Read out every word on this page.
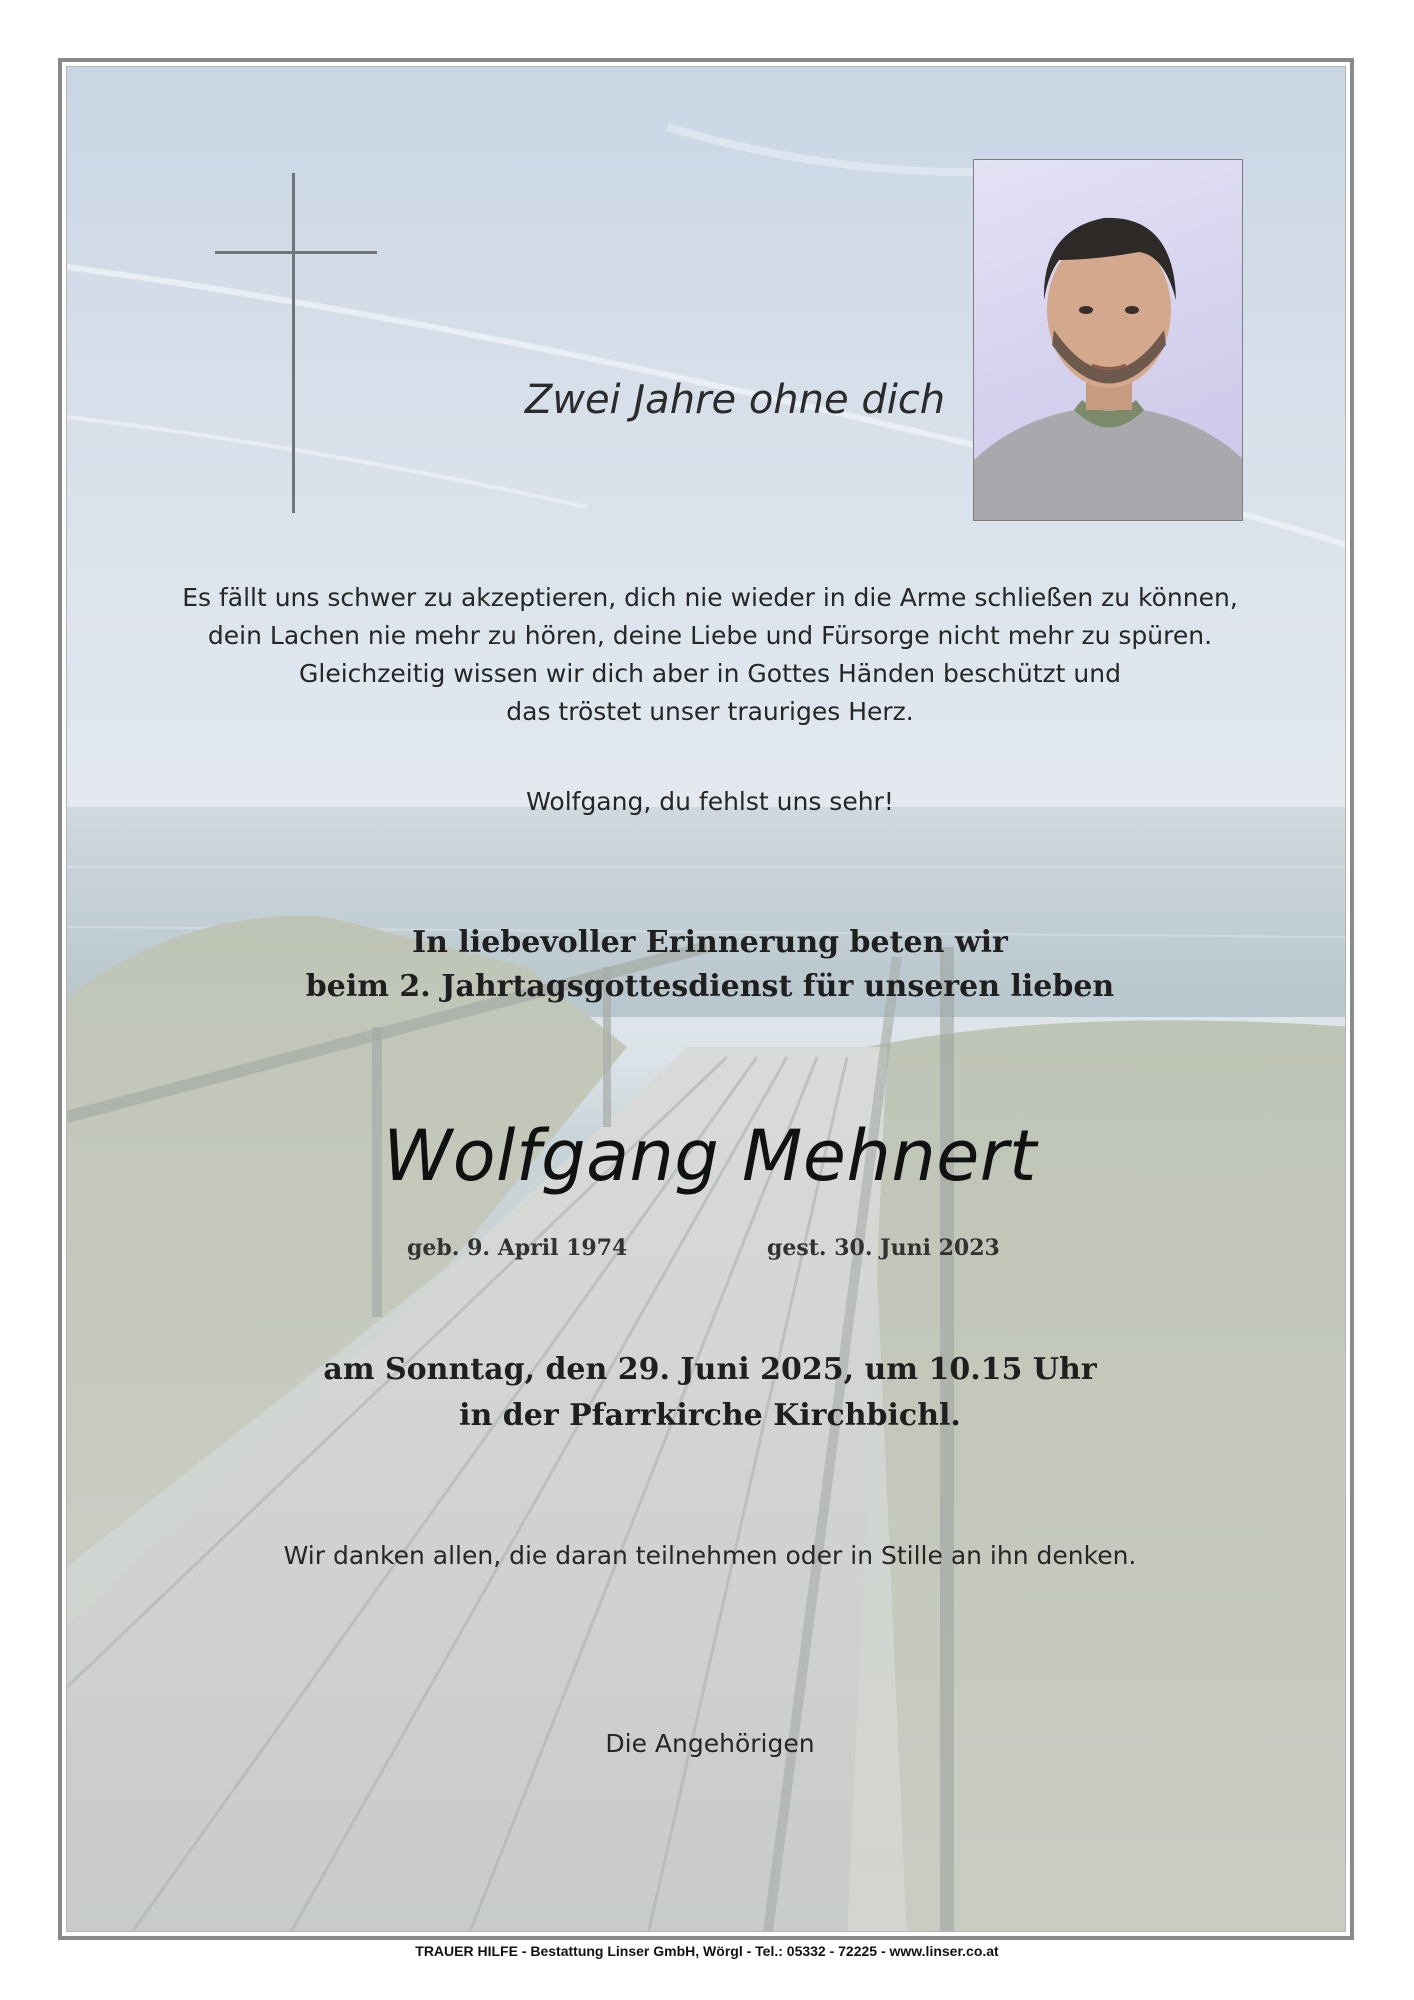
Zwei Jahre ohne dich
Es fällt uns schwer zu akzeptieren, dich nie wieder in die Arme schließen zu können,
dein Lachen nie mehr zu hören, deine Liebe und Fürsorge nicht mehr zu spüren.
Gleichzeitig wissen wir dich aber in Gottes Händen beschützt und
das tröstet unser trauriges Herz.
Wolfgang, du fehlst uns sehr!
In liebevoller Erinnerung beten wir
beim 2. Jahrtagsgottesdienst für unseren lieben
Wolfgang Mehnert
geb. 9. April 1974	gest. 30. Juni 2023
am Sonntag, den 29. Juni 2025, um 10.15 Uhr
in der Pfarrkirche Kirchbichl.
Wir danken allen, die daran teilnehmen oder in Stille an ihn denken.
Die Angehörigen
TRAUER HILFE - Bestattung Linser GmbH, Wörgl - Tel.: 05332 - 72225 - www.linser.co.at
